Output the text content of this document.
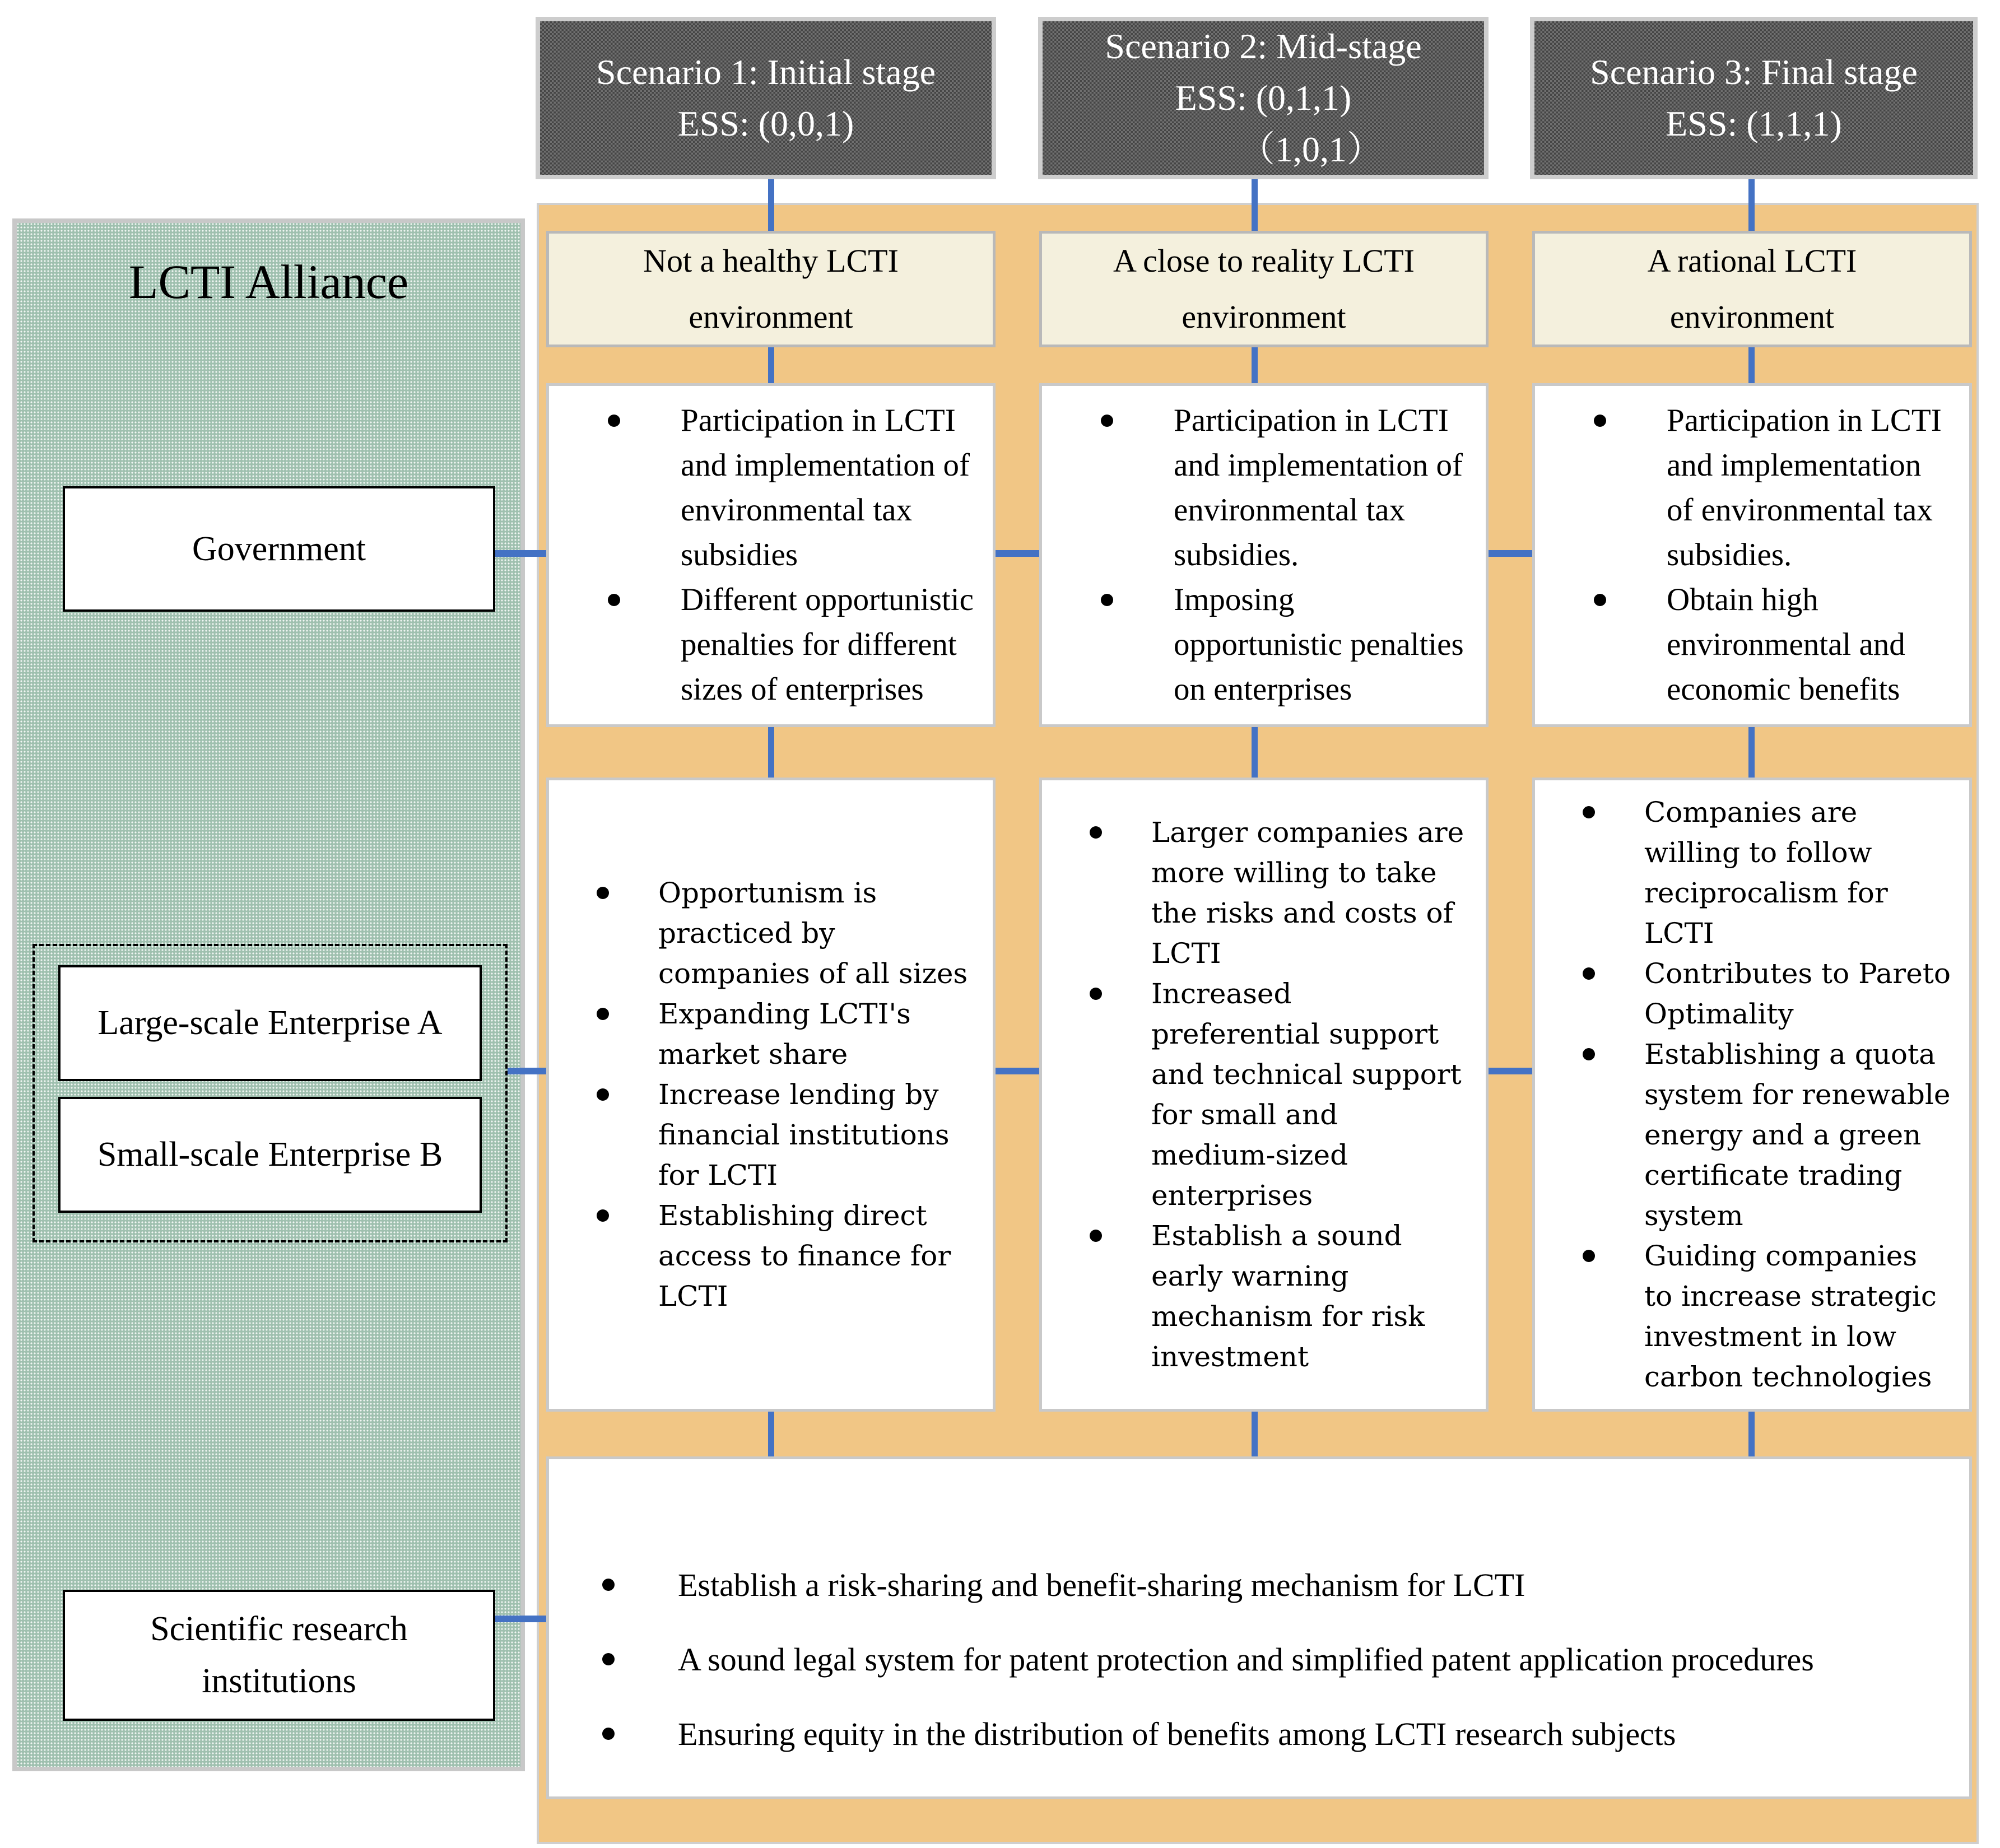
Scenario 1: Initial stage
ESS: (0,0,1)
Scenario 2: Mid-stage
ESS: (0,1,1)
（1,0,1）
Scenario 3: Final stage
ESS: (1,1,1)
LCTI Alliance
Government
Large-scale Enterprise A
Small-scale Enterprise B
Scientific research institutions
Not a healthy LCTI environment
A close to reality LCTI environment
A rational LCTI environment
Participation in LCTI and implementation of environmental tax subsidies
Different opportunistic penalties for different sizes of enterprises
Participation in LCTI and implementation of environmental tax subsidies.
Imposing opportunistic penalties on enterprises
Participation in LCTI and implementation of environmental tax subsidies.
Obtain high environmental and economic benefits
Opportunism is practiced by companies of all sizes
Expanding LCTI's market share
Increase lending by financial institutions for LCTI
Establishing direct access to finance for LCTI
Larger companies are more willing to take the risks and costs of LCTI
Increased preferential support and technical support for small and medium-sized enterprises
Establish a sound early warning mechanism for risk investment
Companies are willing to follow reciprocalism for LCTI
Contributes to Pareto Optimality
Establishing a quota system for renewable energy and a green certificate trading system
Guiding companies to increase strategic investment in low carbon technologies
Establish a risk-sharing and benefit-sharing mechanism for LCTI
A sound legal system for patent protection and simplified patent application procedures
Ensuring equity in the distribution of benefits among LCTI research subjects
